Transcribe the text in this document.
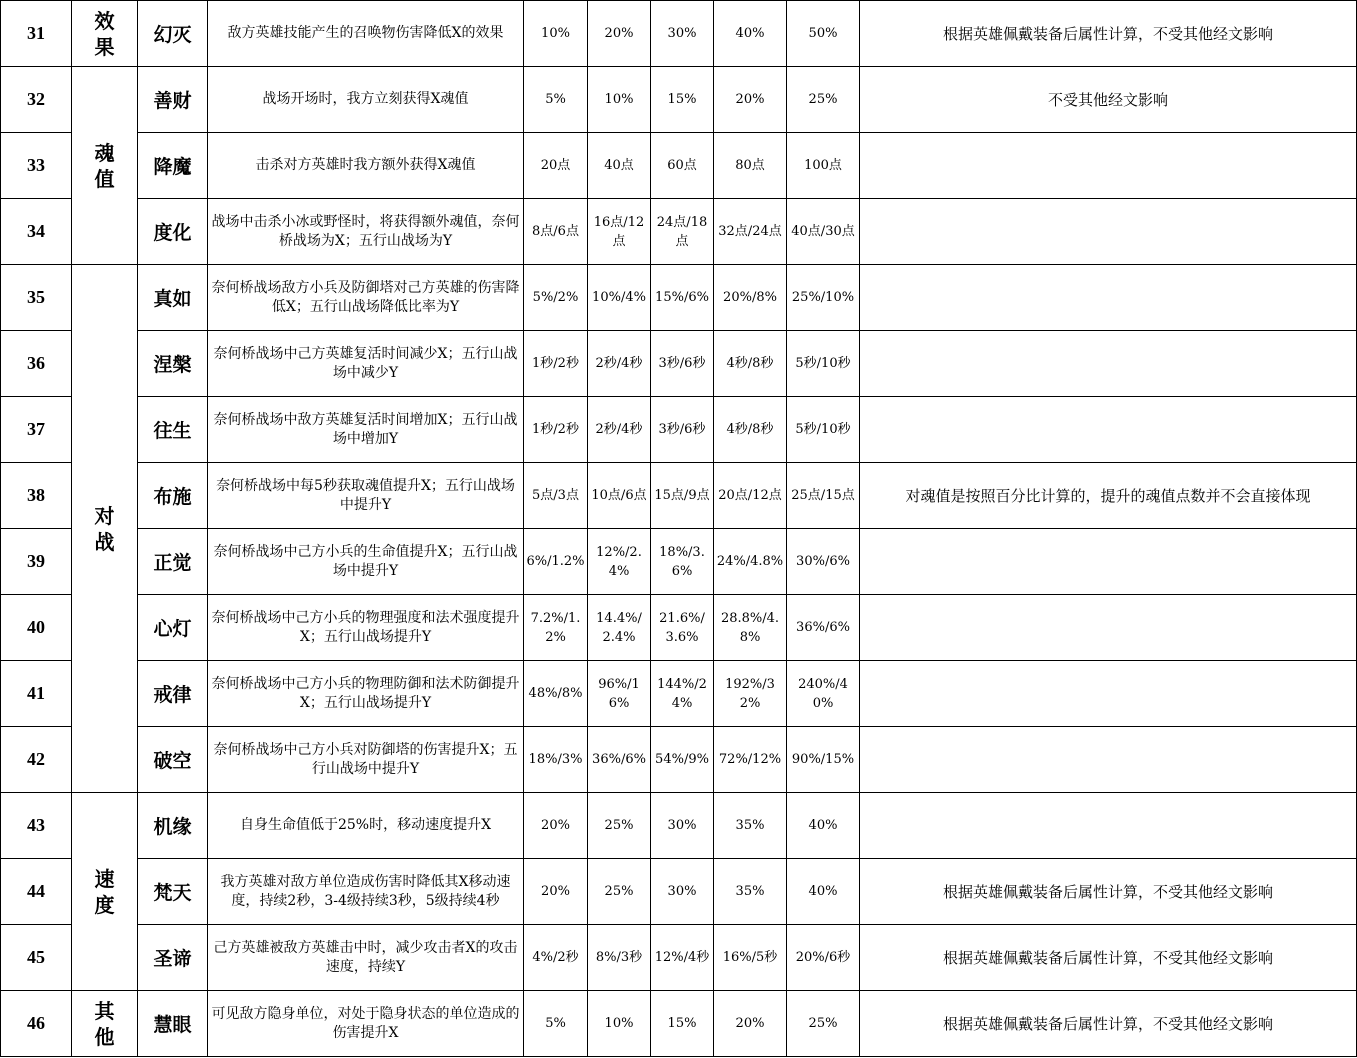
31	效果	幻灭	敌方英雄技能产生的召唤物伤害降低X的效果	10%	20%	30%	40%	50%	根据英雄佩戴装备后属性计算，不受其他经文影响
32	魂值	善财	战场开场时，我方立刻获得X魂值	5%	10%	15%	20%	25%	不受其他经文影响
33		降魔	击杀对方英雄时我方额外获得X魂值	20点	40点	60点	80点	100点	
34		度化	战场中击杀小冰或野怪时，将获得额外魂值，奈何桥战场为X；五行山战场为Y	8点/6点	16点/12点	24点/18点	32点/24点	40点/30点	
35	对战	真如	奈何桥战场敌方小兵及防御塔对己方英雄的伤害降低X；五行山战场降低比率为Y	5%/2%	10%/4%	15%/6%	20%/8%	25%/10%	
36		涅槃	奈何桥战场中己方英雄复活时间减少X；五行山战场中减少Y	1秒/2秒	2秒/4秒	3秒/6秒	4秒/8秒	5秒/10秒	
37		往生	奈何桥战场中敌方英雄复活时间增加X；五行山战场中增加Y	1秒/2秒	2秒/4秒	3秒/6秒	4秒/8秒	5秒/10秒	
38		布施	奈何桥战场中每5秒获取魂值提升X；五行山战场中提升Y	5点/3点	10点/6点	15点/9点	20点/12点	25点/15点	对魂值是按照百分比计算的，提升的魂值点数并不会直接体现
39		正觉	奈何桥战场中己方小兵的生命值提升X；五行山战场中提升Y	6%/1.2%	12%/2.4%	18%/3.6%	24%/4.8%	30%/6%	
40		心灯	奈何桥战场中己方小兵的物理强度和法术强度提升X；五行山战场提升Y	7.2%/1.2%	14.4%/2.4%	21.6%/3.6%	28.8%/4.8%	36%/6%	
41		戒律	奈何桥战场中己方小兵的物理防御和法术防御提升X；五行山战场提升Y	48%/8%	96%/16%	144%/24%	192%/32%	240%/40%	
42		破空	奈何桥战场中己方小兵对防御塔的伤害提升X；五行山战场中提升Y	18%/3%	36%/6%	54%/9%	72%/12%	90%/15%	
43	速度	机缘	自身生命值低于25%时，移动速度提升X	20%	25%	30%	35%	40%	
44		梵天	我方英雄对敌方单位造成伤害时降低其X移动速度，持续2秒，3-4级持续3秒，5级持续4秒	20%	25%	30%	35%	40%	根据英雄佩戴装备后属性计算，不受其他经文影响
45		圣谛	己方英雄被敌方英雄击中时，减少攻击者X的攻击速度，持续Y	4%/2秒	8%/3秒	12%/4秒	16%/5秒	20%/6秒	根据英雄佩戴装备后属性计算，不受其他经文影响
46	其他	慧眼	可见敌方隐身单位，对处于隐身状态的单位造成的伤害提升X	5%	10%	15%	20%	25%	根据英雄佩戴装备后属性计算，不受其他经文影响
